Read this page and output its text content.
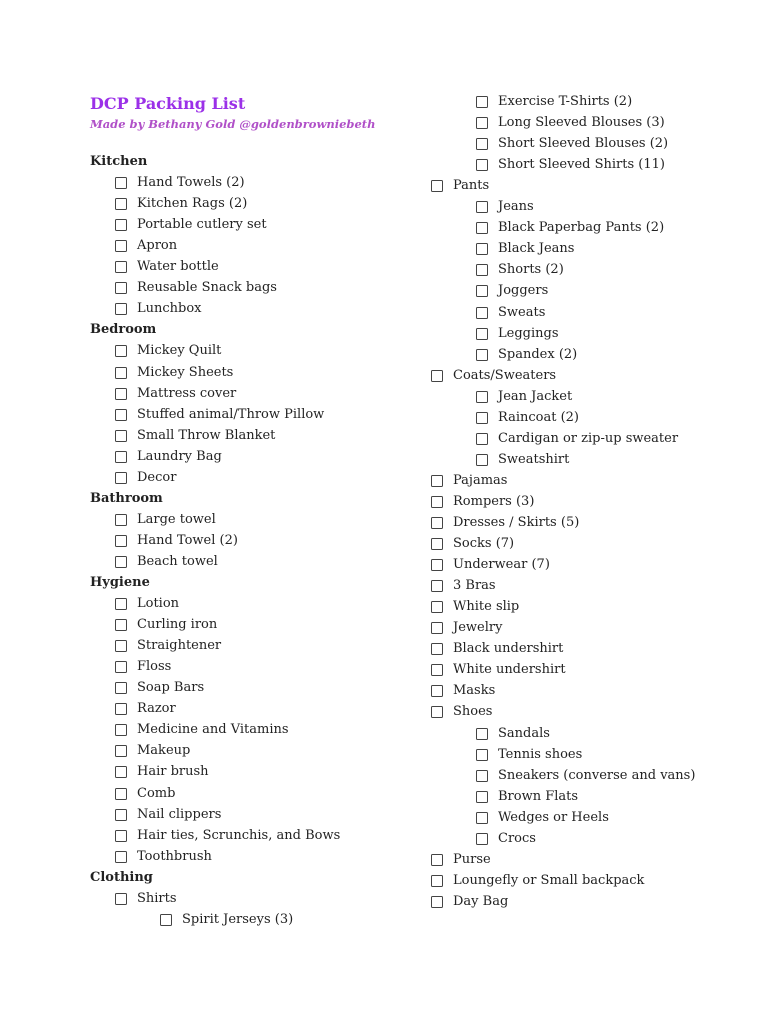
DCP Packing List

Made by Bethany Gold @goldenbrowniebeth

Kitchen
Hand Towels (2)
Kitchen Rags (2)
Portable cutlery set
Apron
Water bottle
Reusable Snack bags
Lunchbox
Bedroom
Mickey Quilt
Mickey Sheets
Mattress cover
Stuffed animal/Throw Pillow
Small Throw Blanket
Laundry Bag
Decor
Bathroom
Large towel
Hand Towel (2)
Beach towel
Hygiene
Lotion
Curling iron
Straightener
Floss
Soap Bars
Razor
Medicine and Vitamins
Makeup
Hair brush
Comb
Nail clippers
Hair ties, Scrunchis, and Bows
Toothbrush
Clothing
Shirts
Spirit Jerseys (3)
Exercise T-Shirts (2)
Long Sleeved Blouses (3)
Short Sleeved Blouses (2)
Short Sleeved Shirts (11)
Pants
Jeans
Black Paperbag Pants (2)
Black Jeans
Shorts (2)
Joggers
Sweats
Leggings
Spandex (2)
Coats/Sweaters
Jean Jacket
Raincoat (2)
Cardigan or zip-up sweater
Sweatshirt
Pajamas
Rompers (3)
Dresses / Skirts (5)
Socks (7)
Underwear (7)
3 Bras
White slip
Jewelry
Black undershirt
White undershirt
Masks
Shoes
Sandals
Tennis shoes
Sneakers (converse and vans)
Brown Flats
Wedges or Heels
Crocs
Purse
Loungefly or Small backpack
Day Bag
